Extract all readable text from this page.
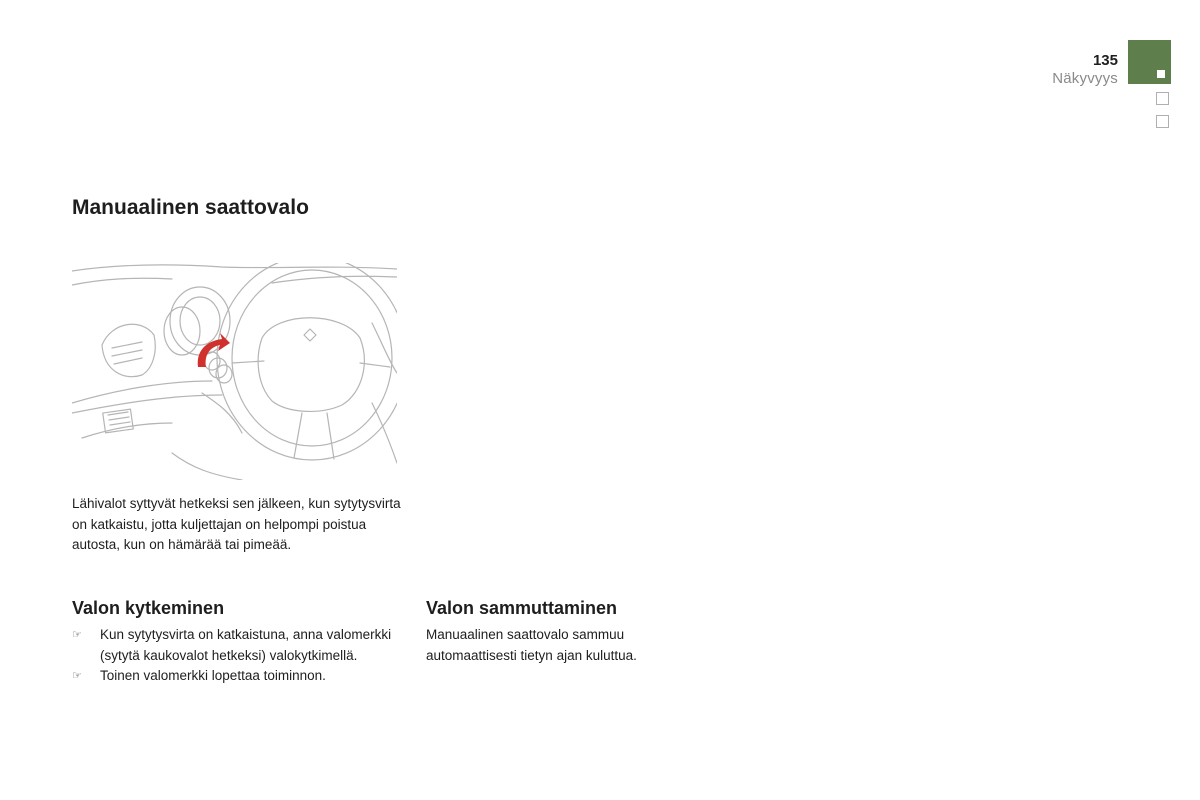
135
Näkyvyys
Manuaalinen saattovalo

Lähivalot syttyvät hetkeksi sen jälkeen, kun sytytysvirta on katkaistu, jotta kuljettajan on helpompi poistua autosta, kun on hämärää tai pimeää.

Valon kytkeminen
☞ Kun sytytysvirta on katkaistuna, anna valomerkki (sytytä kaukovalot hetkeksi) valokytkimellä.
☞ Toinen valomerkki lopettaa toiminnon.
Valon sammuttaminen

Manuaalinen saattovalo sammuu automaattisesti tietyn ajan kuluttua.
